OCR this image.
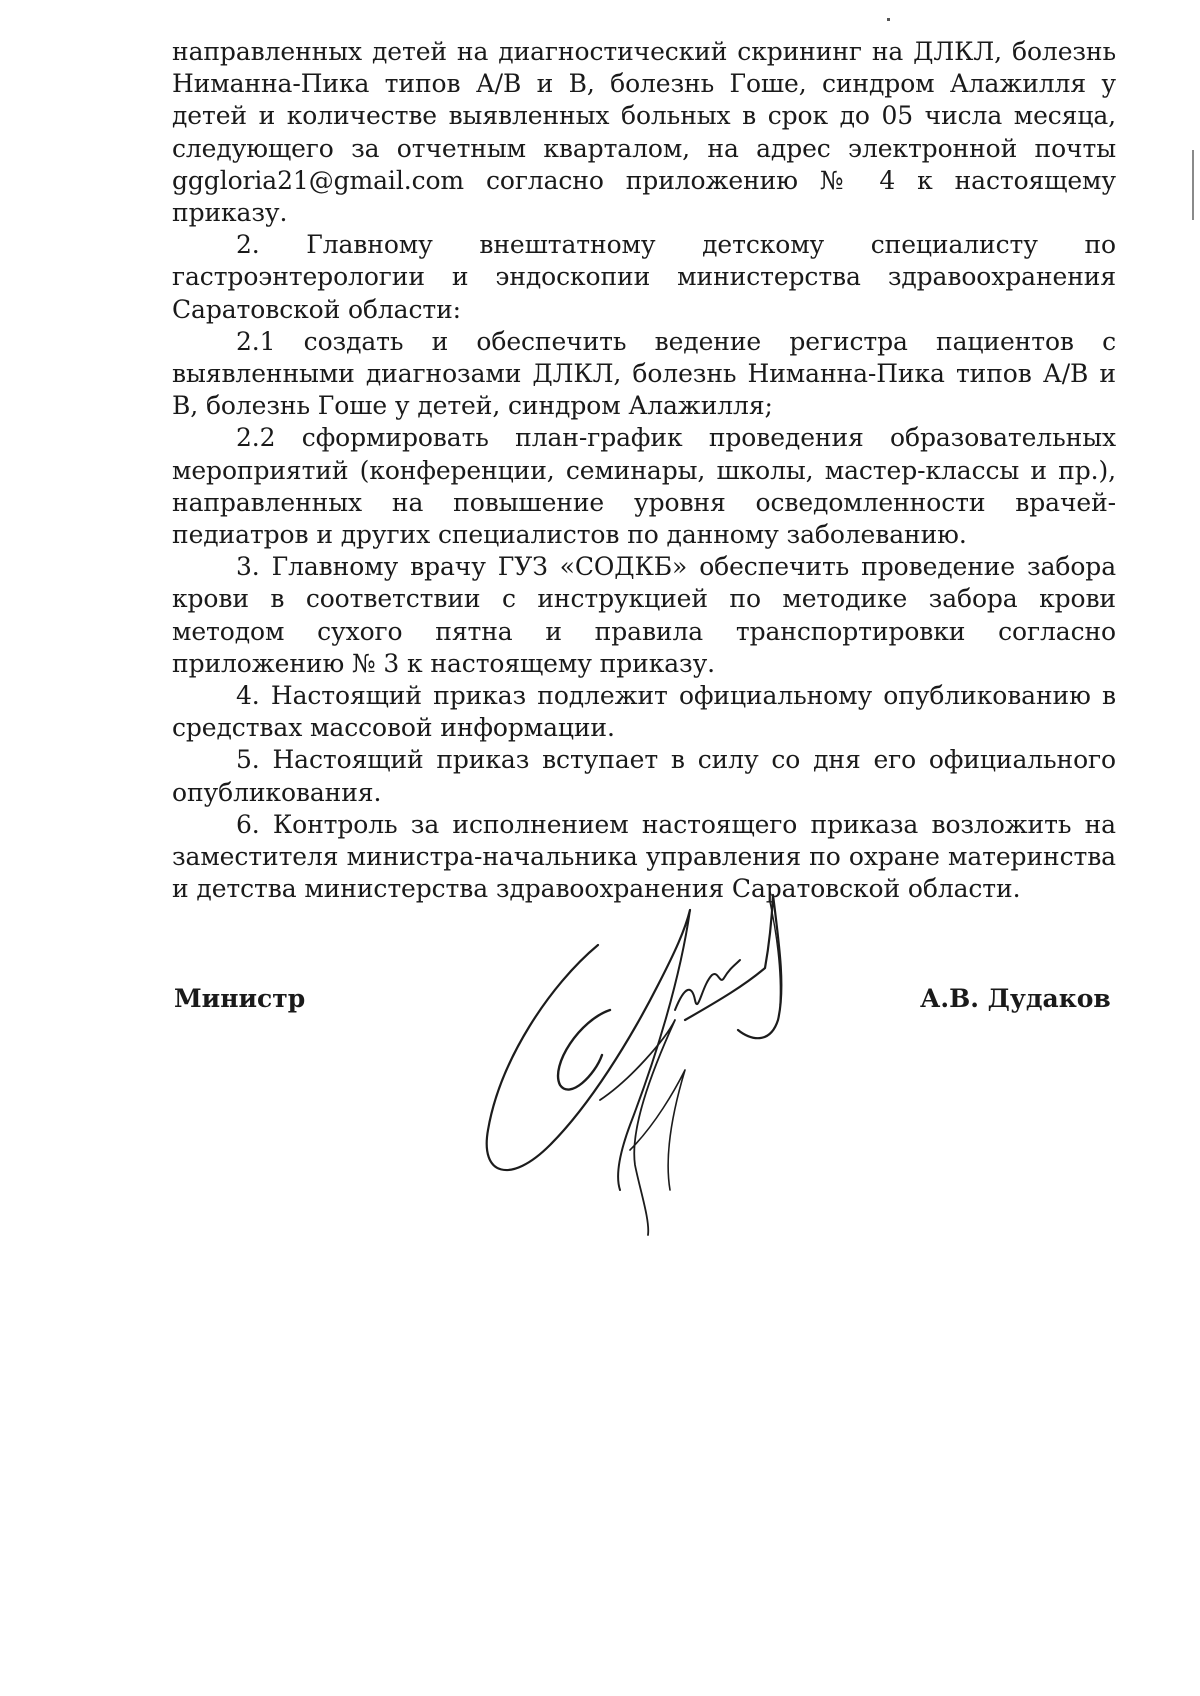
направленных детей на диагностический скрининг на ДЛКЛ, болезнь Ниманна-Пика типов А/В и В, болезнь Гоше, синдром Алажилля у детей и количестве выявленных больных в срок до 05 числа месяца, следующего за отчетным кварталом, на адрес электронной почты gggloria21@gmail.com согласно приложению № 4 к настоящему приказу.

2. Главному внештатному детскому специалисту по гастроэнтерологии и эндоскопии министерства здравоохранения Саратовской области:

2.1 создать и обеспечить ведение регистра пациентов с выявленными диагнозами ДЛКЛ, болезнь Ниманна-Пика типов А/В и В, болезнь Гоше у детей, синдром Алажилля;

2.2 сформировать план-график проведения образовательных мероприятий (конференции, семинары, школы, мастер-классы и пр.), направленных на повышение уровня осведомленности врачей-педиатров и других специалистов по данному заболеванию.

3. Главному врачу ГУЗ «СОДКБ» обеспечить проведение забора крови в соответствии с инструкцией по методике забора крови методом сухого пятна и правила транспортировки согласно приложению № 3 к настоящему приказу.

4. Настоящий приказ подлежит официальному опубликованию в средствах массовой информации.

5. Настоящий приказ вступает в силу со дня его официального опубликования.

6. Контроль за исполнением настоящего приказа возложить на заместителя министра-начальника управления по охране материнства и детства министерства здравоохранения Саратовской области.

Министр	А.В. Дудаков
